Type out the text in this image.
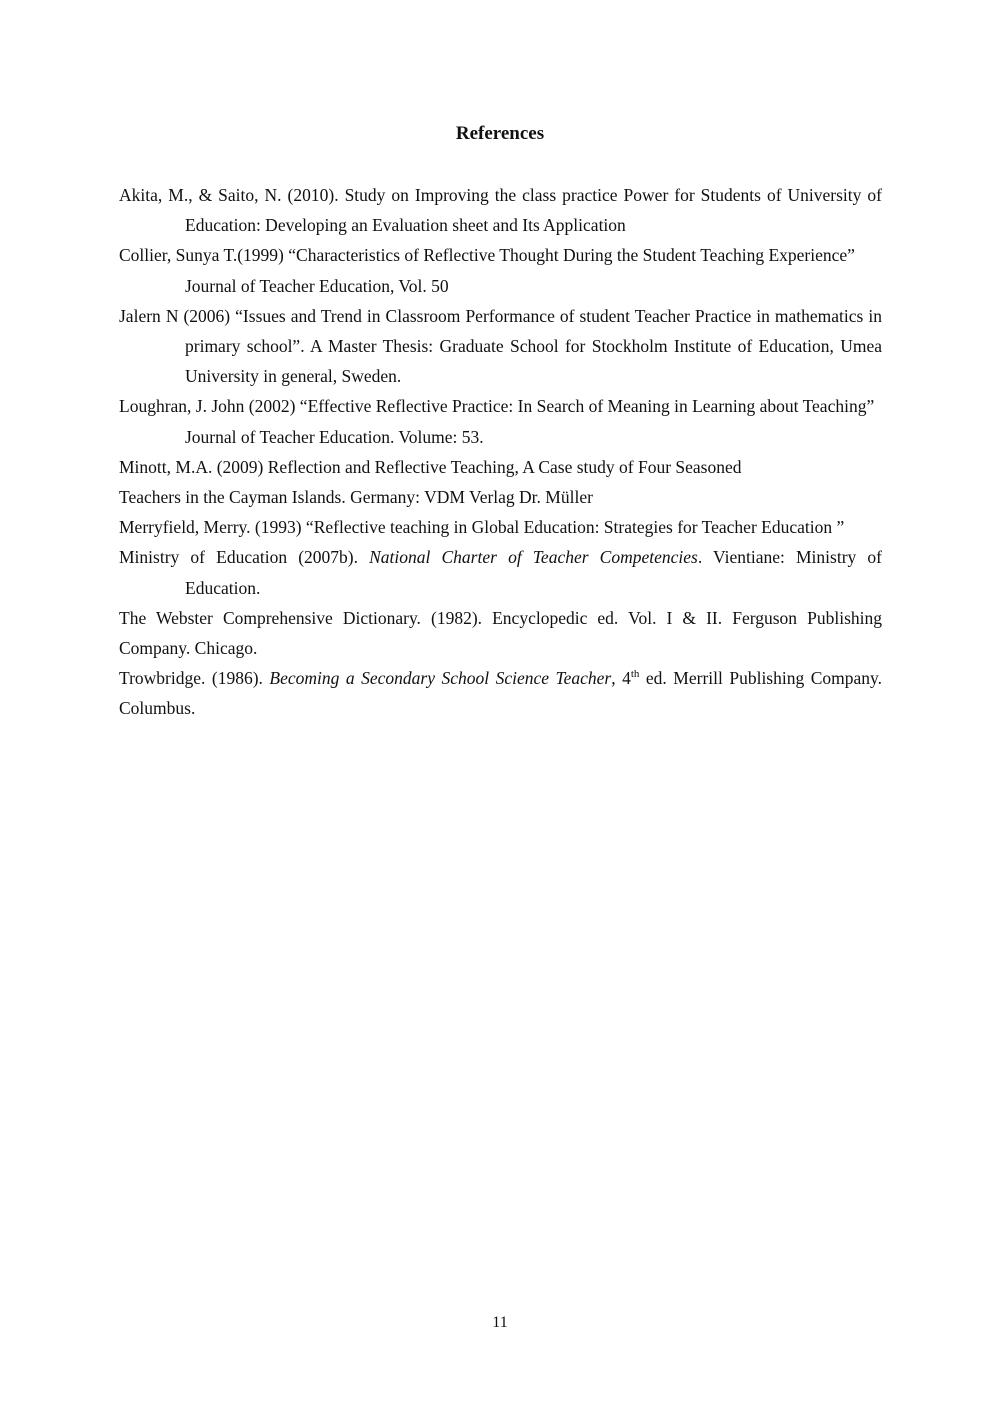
References

Akita, M., & Saito, N. (2010). Study on Improving the class practice Power for Students of University of Education: Developing an Evaluation sheet and Its Application

Collier, Sunya T.(1999) “Characteristics of Reflective Thought During the Student Teaching Experience” Journal of Teacher Education, Vol. 50

Jalern N (2006) “Issues and Trend in Classroom Performance of student Teacher Practice in mathematics in primary school”. A Master Thesis: Graduate School for Stockholm Institute of Education, Umea University in general, Sweden.

Loughran, J. John (2002) “Effective Reflective Practice: In Search of Meaning in Learning about Teaching” Journal of Teacher Education. Volume: 53.

Minott, M.A. (2009) Reflection and Reflective Teaching, A Case study of Four Seasoned

Teachers in the Cayman Islands. Germany: VDM Verlag Dr. Müller

Merryfield, Merry. (1993) “Reflective teaching in Global Education: Strategies for Teacher Education ”

Ministry of Education (2007b). National Charter of Teacher Competencies. Vientiane: Ministry of Education.

The Webster Comprehensive Dictionary. (1982). Encyclopedic ed. Vol. I & II. Ferguson Publishing Company. Chicago.

Trowbridge. (1986). Becoming a Secondary School Science Teacher, 4th ed. Merrill Publishing Company. Columbus.

11
